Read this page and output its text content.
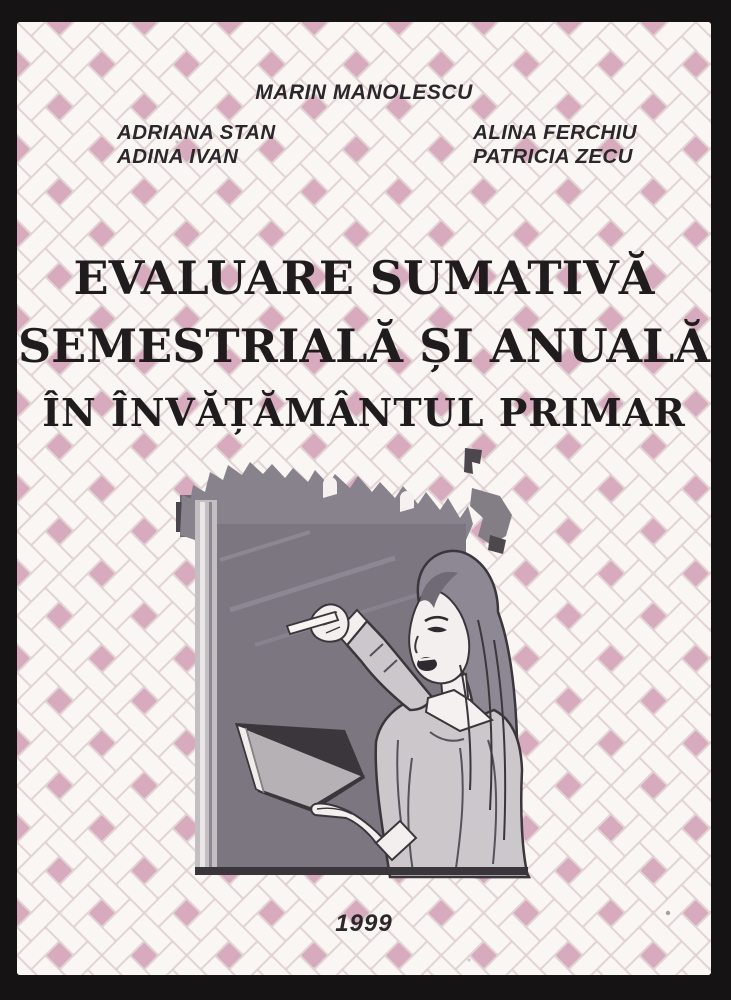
MARIN MANOLESCU
ADRIANA STAN
ADINA IVAN
ALINA FERCHIU
PATRICIA ZECU
EVALUARE SUMATIVĂ
SEMESTRIALĂ ȘI ANUALĂ
ÎN ÎNVĂȚĂMÂNTUL PRIMAR
1999
